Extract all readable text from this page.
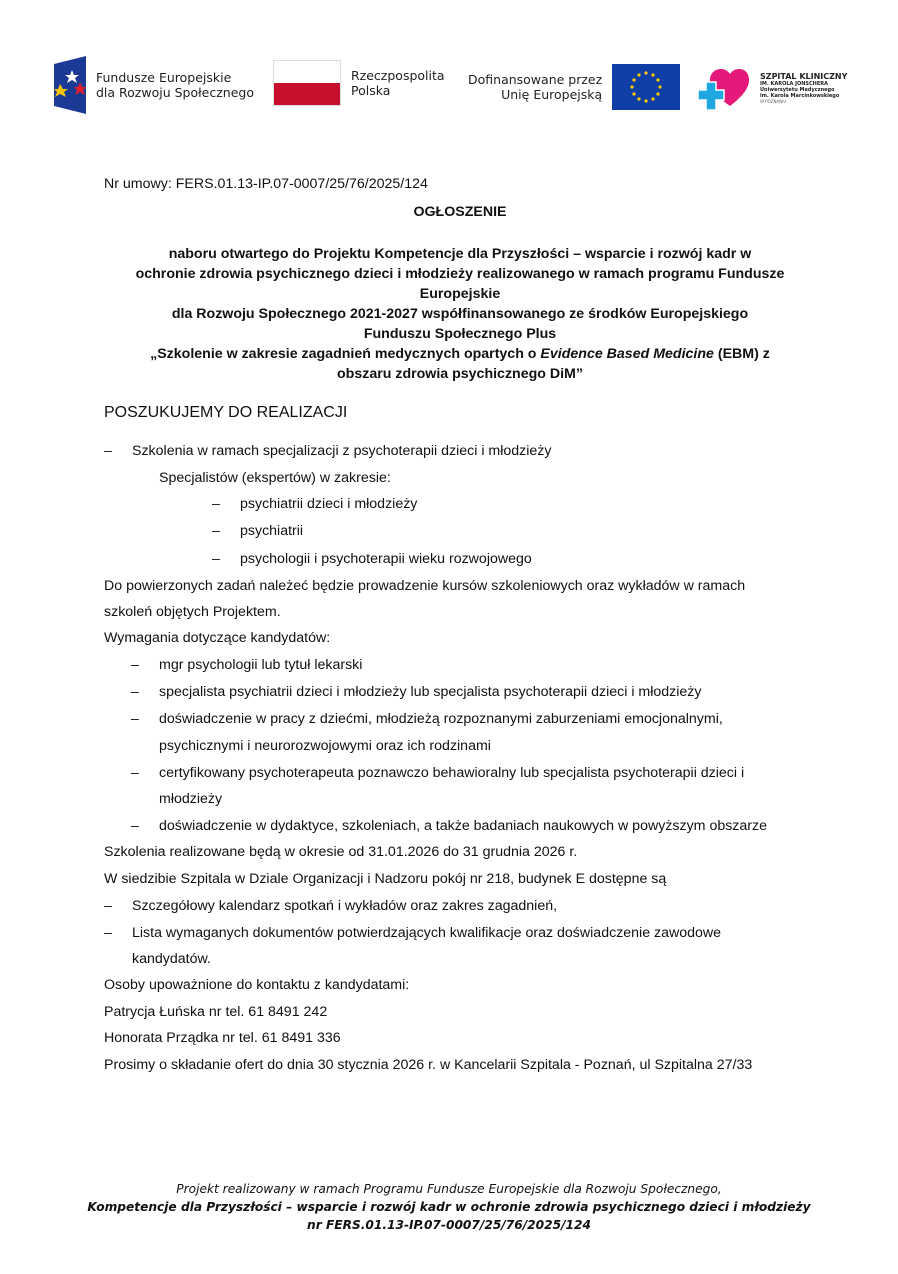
Fundusze Europejskie
dla Rozwoju Społecznego
Rzeczpospolita
Polska
Dofinansowane przez
Unię Europejską
SZPITAL KLINICZNY
IM. KAROLA JONSCHERA
Uniwersytetu Medycznego
im. Karola Marcinkowskiego
W POZNANIU
Nr umowy: FERS.01.13-IP.07-0007/25/76/2025/124
OGŁOSZENIE
naboru otwartego do Projektu Kompetencje dla Przyszłości – wsparcie i rozwój kadr w
ochronie zdrowia psychicznego dzieci i młodzieży realizowanego w ramach programu Fundusze
Europejskie
dla Rozwoju Społecznego 2021-2027 współfinansowanego ze środków Europejskiego
Funduszu Społecznego Plus
„Szkolenie w zakresie zagadnień medycznych opartych o Evidence Based Medicine (EBM) z
obszaru zdrowia psychicznego DiM”
POSZUKUJEMY DO REALIZACJI
– Szkolenia w ramach specjalizacji z psychoterapii dzieci i młodzieży
Specjalistów (ekspertów) w zakresie:
– psychiatrii dzieci i młodzieży
– psychiatrii
– psychologii i psychoterapii wieku rozwojowego
Do powierzonych zadań należeć będzie prowadzenie kursów szkoleniowych oraz wykładów w ramach
szkoleń objętych Projektem.
Wymagania dotyczące kandydatów:
– mgr psychologii lub tytuł lekarski
– specjalista psychiatrii dzieci i młodzieży lub specjalista psychoterapii dzieci i młodzieży
– doświadczenie w pracy z dziećmi, młodzieżą rozpoznanymi zaburzeniami emocjonalnymi,
psychicznymi i neurorozwojowymi oraz ich rodzinami
– certyfikowany psychoterapeuta poznawczo behawioralny lub specjalista psychoterapii dzieci i
młodzieży
– doświadczenie w dydaktyce, szkoleniach, a także badaniach naukowych w powyższym obszarze
Szkolenia realizowane będą w okresie od 31.01.2026 do 31 grudnia 2026 r.
W siedzibie Szpitala w Dziale Organizacji i Nadzoru pokój nr 218, budynek E dostępne są
– Szczegółowy kalendarz spotkań i wykładów oraz zakres zagadnień,
– Lista wymaganych dokumentów potwierdzających kwalifikacje oraz doświadczenie zawodowe
kandydatów.
Osoby upoważnione do kontaktu z kandydatami:
Patrycja Łuńska nr tel. 61 8491 242
Honorata Prządka nr tel. 61 8491 336
Prosimy o składanie ofert do dnia 30 stycznia 2026 r. w Kancelarii Szpitala - Poznań, ul Szpitalna 27/33
Projekt realizowany w ramach Programu Fundusze Europejskie dla Rozwoju Społecznego,
Kompetencje dla Przyszłości – wsparcie i rozwój kadr w ochronie zdrowia psychicznego dzieci i młodzieży
nr FERS.01.13-IP.07-0007/25/76/2025/124
